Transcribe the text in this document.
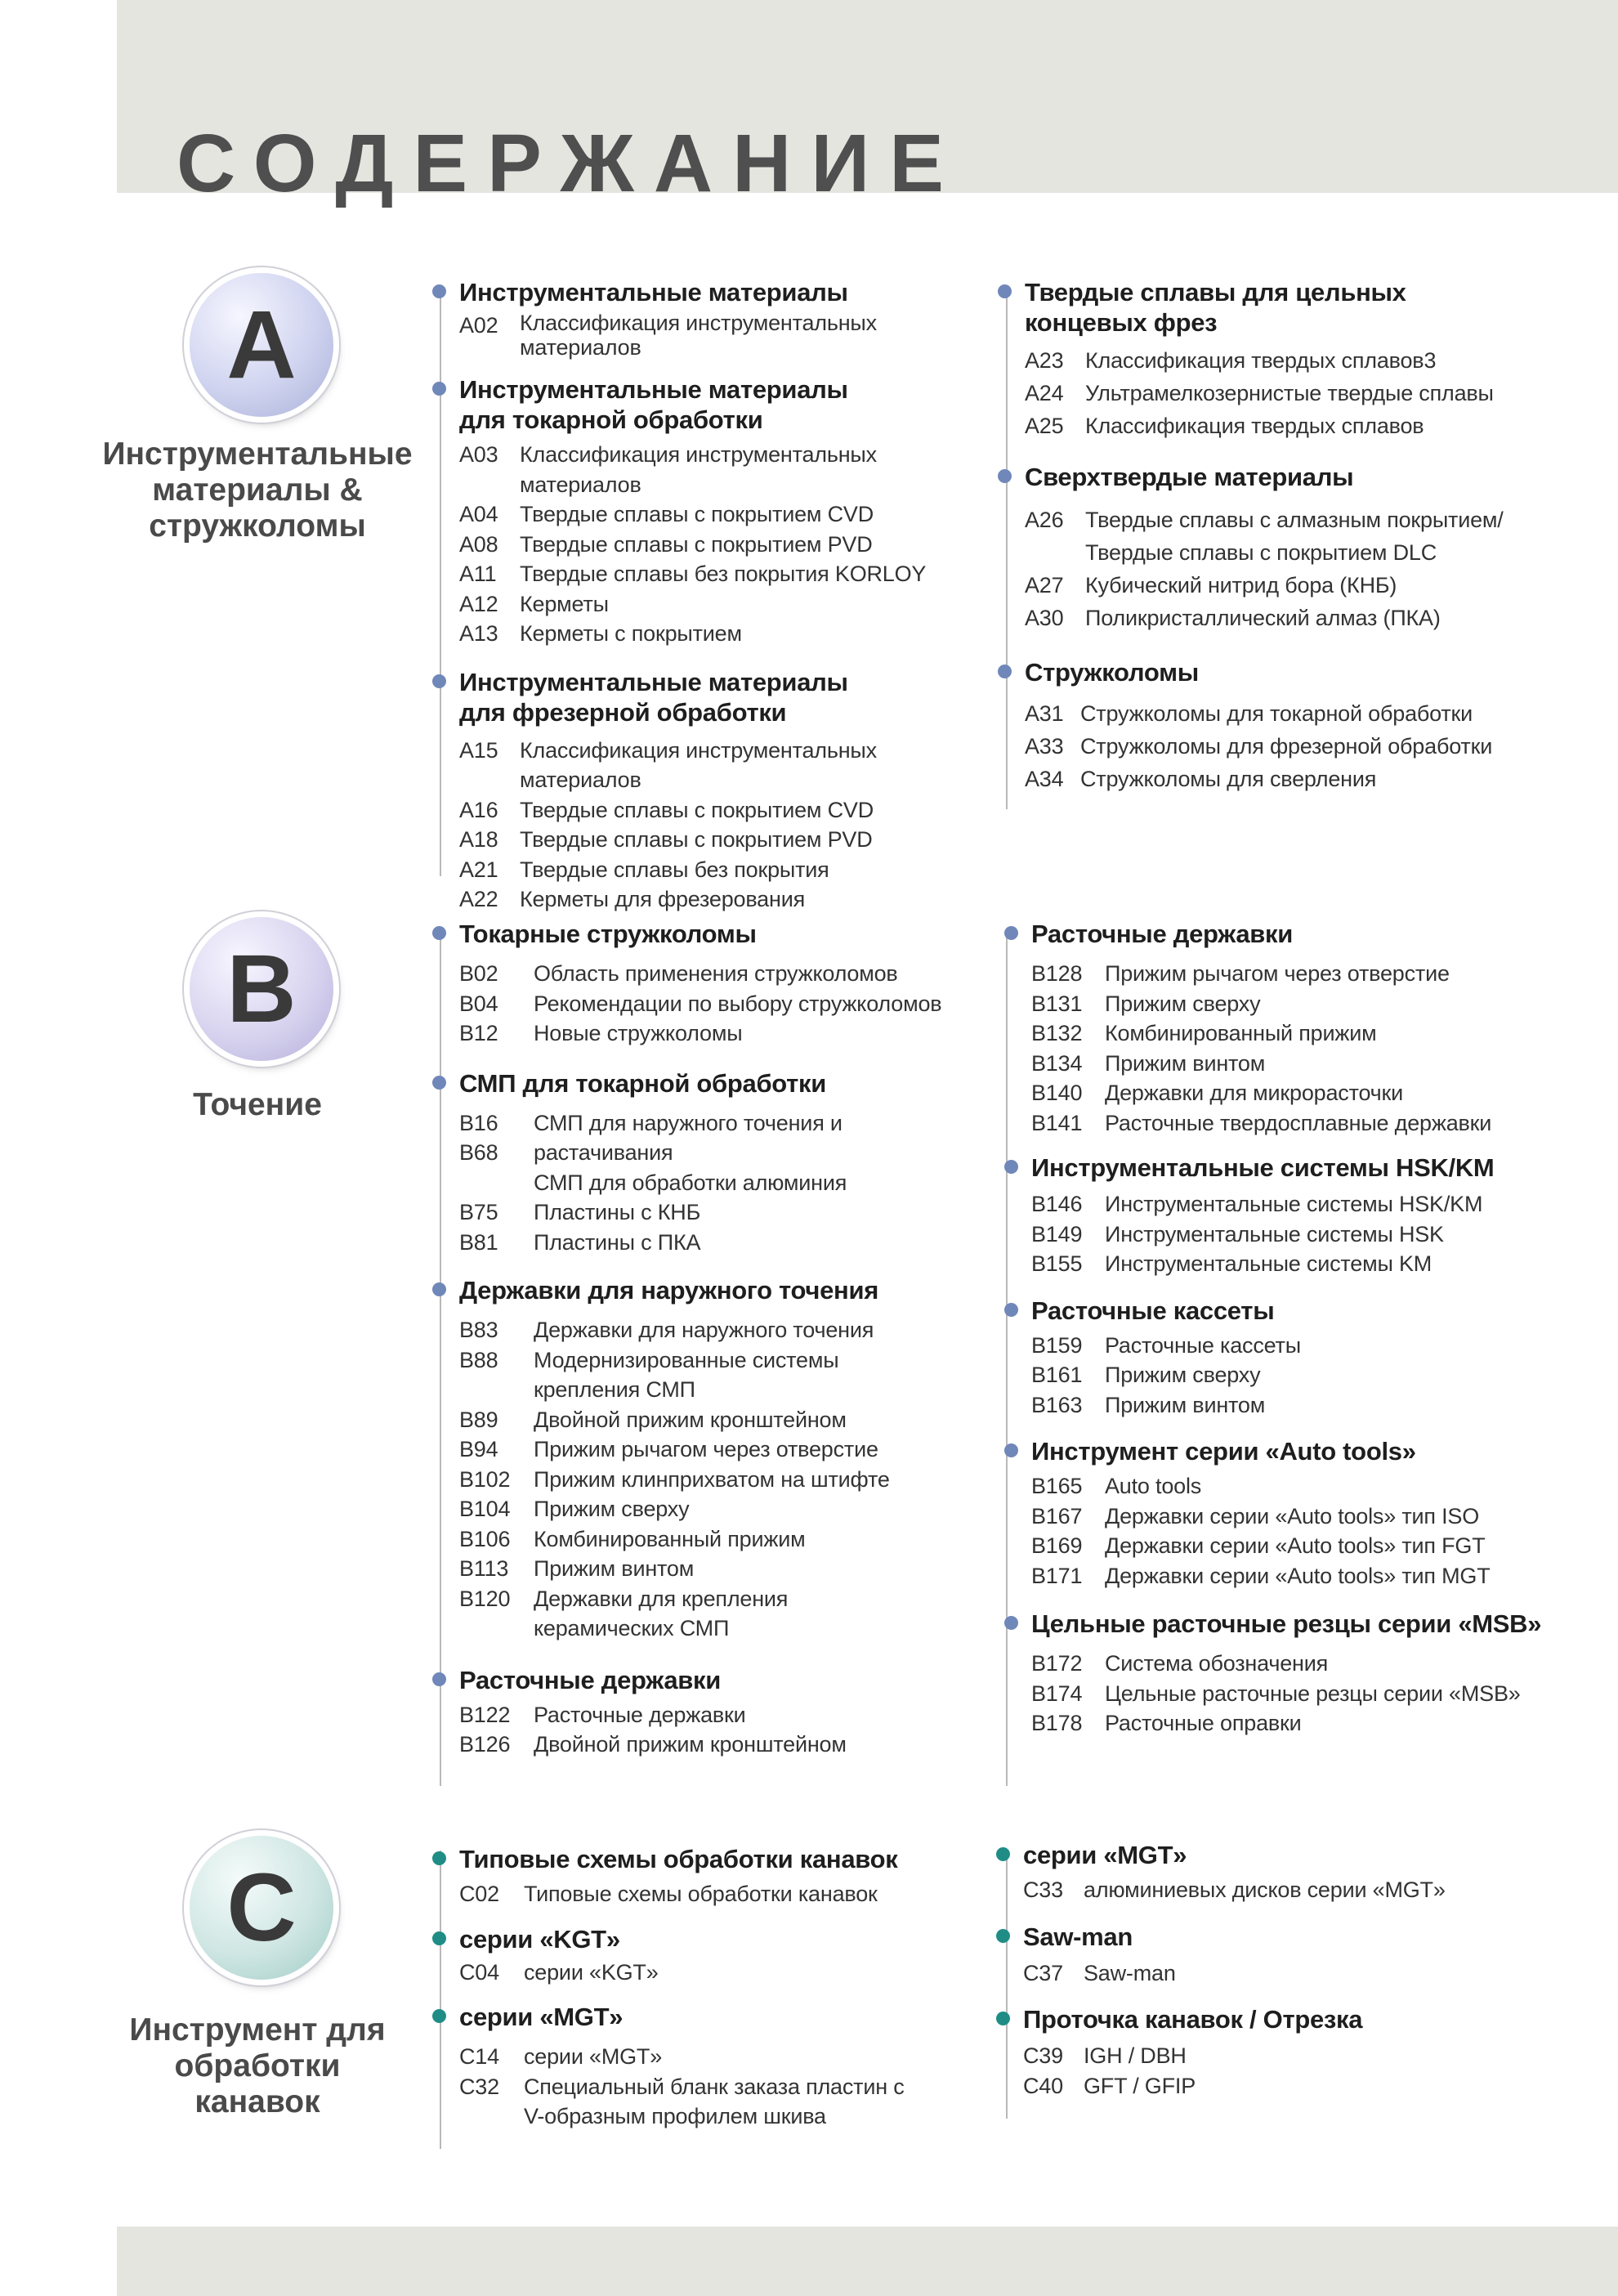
СОДЕРЖАНИЕ
A
Инструментальные
материалы &
стружколомы
B
Точение
C
Инструмент для
обработки
канавок
Инструментальные материалы
A02 Классификация инструментальных
материалов
Инструментальные материалы
для токарной обработки
A03 Классификация инструментальных материалов
A04 Твердые сплавы с покрытием CVD
A08 Твердые сплавы с покрытием PVD
A11	Твердые сплавы без покрытия KORLOY
A12 Керметы
A13 Керметы с покрытием
Инструментальные материалы
для фрезерной обработки
A15 Классификация инструментальных материалов
A16 Твердые сплавы с покрытием CVD
A18 Твердые сплавы с покрытием PVD
A21 Твердые сплавы без покрытия
A22 Керметы для фрезерования
Твердые сплавы для цельных
концевых фрез
A23 Классификация твердых сплавов3
A24 Ультрамелкозернистые твердые сплавы
A25 Классификация твердых сплавов
Сверхтвердые материалы
A26 Твердые сплавы с алмазным покрытием/
Твердые сплавы с покрытием DLC
A27 Кубический нитрид бора (КНБ)
A30 Поликристаллический алмаз (ПКА)
Стружколомы
A31 Стружколомы для токарной обработки
A33 Стружколомы для фрезерной обработки
A34 Стружколомы для сверления
Токарные стружколомы
B02	Область применения стружколомов
B04	Рекомендации по выбору стружколомов
B12	Новые стружколомы
СМП для токарной обработки
B16	СМП для наружного точения и
B68	растачивания
СМП для обработки алюминия
B75	Пластины с КНБ
B81	Пластины с ПКА
Державки для наружного точения
B83	Державки для наружного точения
B88	Модернизированные системы
крепления СМП
B89	Двойной прижим кронштейном
B94	Прижим рычагом через отверстие
B102	Прижим клинприхватом на штифте
B104	Прижим сверху
B106	Комбинированный прижим
B113	Прижим винтом
B120	Державки для крепления
керамических СМП
Расточные державки
B122	Расточные державки
B126	Двойной прижим кронштейном
Расточные державки
B128	Прижим рычагом через отверстие
B131	Прижим сверху
B132	Комбинированный прижим
B134	Прижим винтом
B140	Державки для микрорасточки
B141	Расточные твердосплавные державки
Инструментальные системы HSK/KM
B146	Инструментальные системы HSK/KM
B149	Инструментальные системы HSK
B155	Инструментальные системы KM
Расточные кассеты
B159	Расточные кассеты
B161	Прижим сверху
B163	Прижим винтом
Инструмент серии «Auto tools»
B165	Auto tools
B167	Державки серии «Auto tools» тип ISO
B169	Державки серии «Auto tools» тип FGT
B171	Державки серии «Auto tools» тип MGT
Цельные расточные резцы серии «MSB»
B172	Система обозначения
B174	Цельные расточные резцы серии «MSB»
B178	Расточные оправки
Типовые схемы обработки канавок
C02	Типовые схемы обработки канавок
серии «KGT»
C04	серии «KGT»
серии «MGT»
C14	серии «MGT»
C32	Специальный бланк заказа пластин с
V-образным профилем шкива
серии «MGT»
C33 алюминиевых дисков серии «MGT»
Saw-man
C37 Saw-man
Проточка канавок / Отрезка
C39 IGH / DBH
C40 GFT / GFIP
